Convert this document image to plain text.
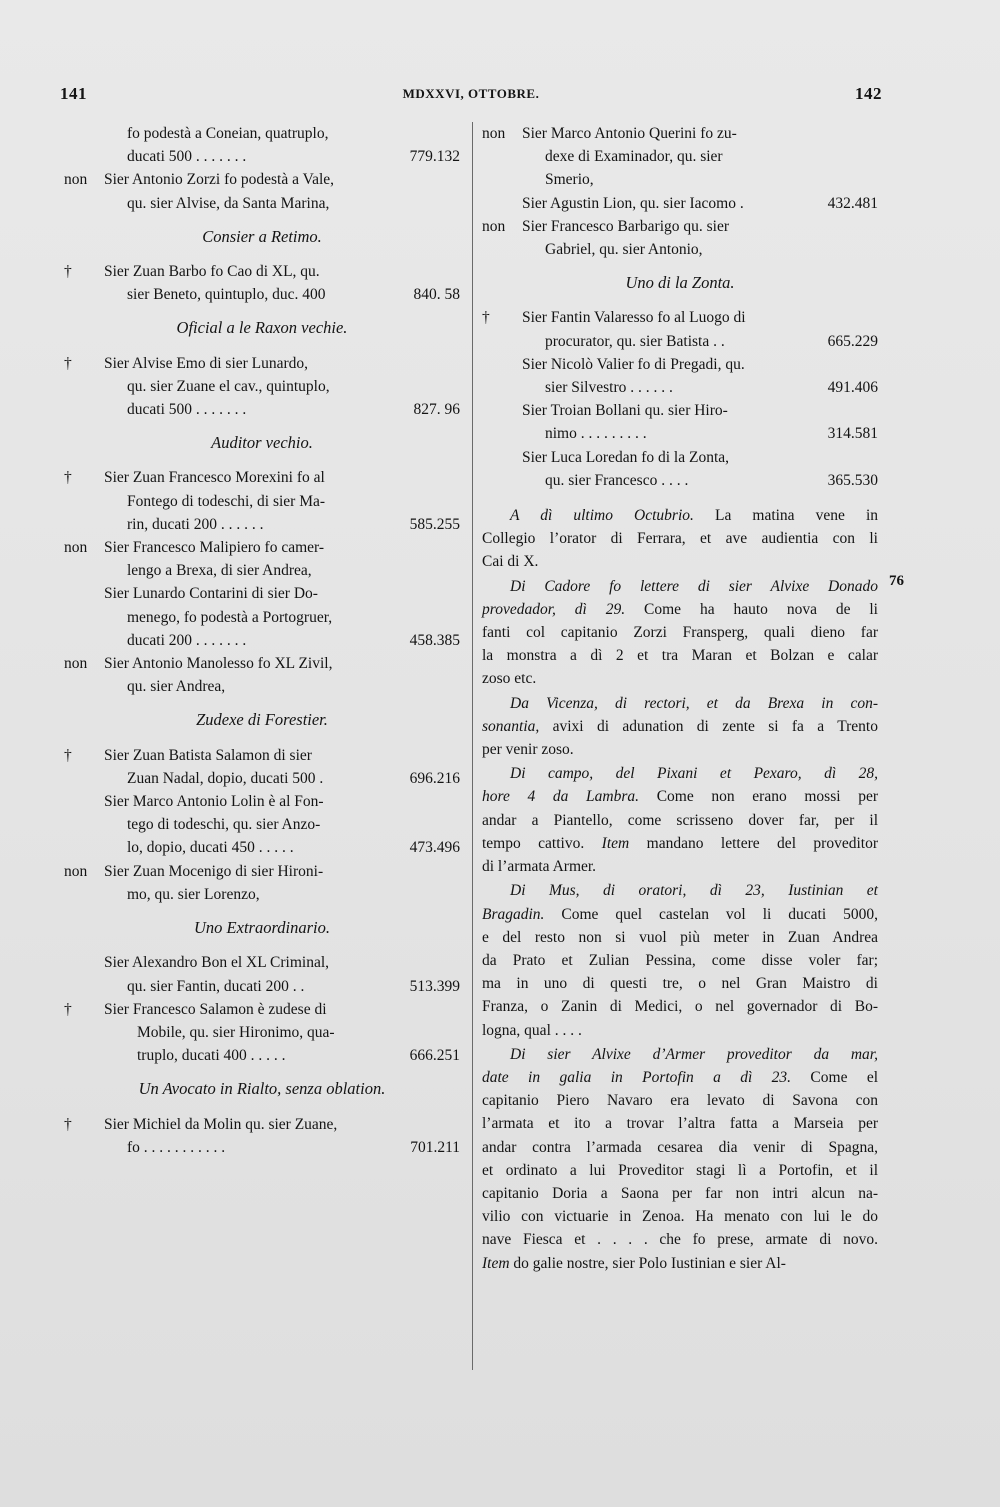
141	MDXXVI, OTTOBRE.	142
fo podestà a Coneian, quatruplo,
ducati 500 . . . . . . .	779.132
non Sier Antonio Zorzi fo podestà a Vale,
qu. sier Alvise, da Santa Marina,
Consier a Retimo.
† Sier Zuan Barbo fo Cao di XL, qu.
sier Beneto, quintuplo, duc. 400	840. 58
Oficial a le Raxon vechie.
† Sier Alvise Emo di sier Lunardo,
qu. sier Zuane el cav., quintuplo,
ducati 500 . . . . . . .	827. 96
Auditor vechio.
† Sier Zuan Francesco Morexini fo al
Fontego di todeschi, di sier Ma-
rin, ducati 200 . . . . . .	585.255
non Sier Francesco Malipiero fo camer-
lengo a Brexa, di sier Andrea,
Sier Lunardo Contarini di sier Do-
menego, fo podestà a Portogruer,
ducati 200 . . . . . . .	458.385
non Sier Antonio Manolesso fo XL Zivil,
qu. sier Andrea,
Zudexe di Forestier.
† Sier Zuan Batista Salamon di sier
Zuan Nadal, dopio, ducati 500 .	696.216
Sier Marco Antonio Lolin è al Fon-
tego di todeschi, qu. sier Anzo-
lo, dopio, ducati 450 . . . . .	473.496
non Sier Zuan Mocenigo di sier Hironi-
mo, qu. sier Lorenzo,
Uno Extraordinario.
Sier Alexandro Bon el XL Criminal,
qu. sier Fantin, ducati 200 . .	513.399
† Sier Francesco Salamon è zudese di
Mobile, qu. sier Hironimo, qua-
truplo, ducati 400 . . . . .	666.251
Un Avocato in Rialto, senza oblation.
† Sier Michiel da Molin qu. sier Zuane,
fo . . . . . . . . . . .	701.211
non Sier Marco Antonio Querini fo zu-
dexe di Examinador, qu. sier
Smerio,
Sier Agustin Lion, qu. sier Iacomo .	432.481
non Sier Francesco Barbarigo qu. sier
Gabriel, qu. sier Antonio,
Uno di la Zonta.
† Sier Fantin Valaresso fo al Luogo di
procurator, qu. sier Batista . .	665.229
Sier Nicolò Valier fo di Pregadi, qu.
sier Silvestro . . . . . .	491.406
Sier Troian Bollani qu. sier Hiro-
nimo . . . . . . . . .	314.581
Sier Luca Loredan fo di la Zonta,
qu. sier Francesco . . . .	365.530
A dì ultimo Octubrio. La matina vene in
Collegio l’orator di Ferrara, et ave audientia con li
Cai di X.
Di Cadore fo lettere di sier Alvixe Donado
provedador, dì 29. Come ha hauto nova de li
fanti col capitanio Zorzi Fransperg, quali dieno far
la monstra a dì 2 et tra Maran et Bolzan e calar
zoso etc.
Da Vicenza, di rectori, et da Brexa in con-
sonantia, avixi di adunation di zente si fa a Trento
per venir zoso.
Di campo, del Pixani et Pexaro, dì 28,
hore 4 da Lambra. Come non erano mossi per
andar a Piantello, come scrisseno dover far, per il
tempo cattivo. Item mandano lettere del proveditor
di l’armata Armer.
Di Mus, di oratori, dì 23, Iustinian et
Bragadin. Come quel castelan vol li ducati 5000,
e del resto non si vuol più meter in Zuan Andrea
da Prato et Zulian Pessina, come disse voler far;
ma in uno di questi tre, o nel Gran Maistro di
Franza, o Zanin di Medici, o nel governador di Bo-
logna, qual . . . .
Di sier Alvixe d’Armer proveditor da mar,
date in galia in Portofin a dì 23. Come el
capitanio Piero Navaro era levato di Savona con
l’armata et ito a trovar l’altra fatta a Marseia per
andar contra l’armada cesarea dia venir di Spagna,
et ordinato a lui Proveditor stagi lì a Portofin, et il
capitanio Doria a Saona per far non intri alcun na-
vilio con victuarie in Zenoa. Ha menato con lui le do
nave Fiesca et . . . . che fo prese, armate di novo.
Item do galie nostre, sier Polo Iustinian e sier Al-
76
